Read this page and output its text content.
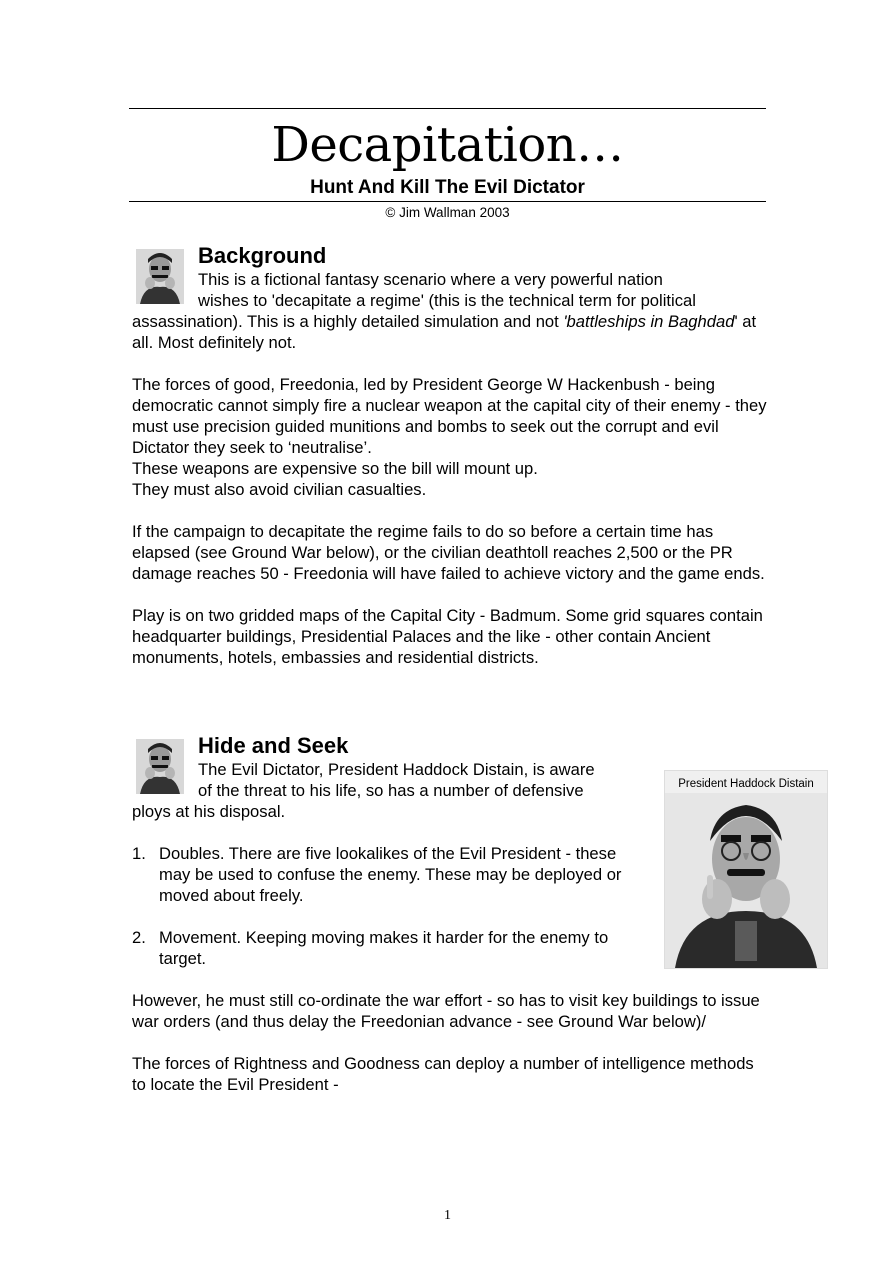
Decapitation…
Hunt And Kill The Evil Dictator
© Jim Wallman 2003
Background

This is a fictional fantasy scenario where a very powerful nation

wishes to 'decapitate a regime' (this is the technical term for political

assassination). This is a highly detailed simulation and not 'battleships in Baghdad' at all. Most definitely not.

The forces of good, Freedonia, led by President George W Hackenbush - being democratic cannot simply fire a nuclear weapon at the capital city of their enemy - they must use precision guided munitions and bombs to seek out the corrupt and evil Dictator they seek to ‘neutralise’.

These weapons are expensive so the bill will mount up.

They must also avoid civilian casualties.

If the campaign to decapitate the regime fails to do so before a certain time has elapsed (see Ground War below), or the civilian deathtoll reaches 2,500 or the PR damage reaches 50 - Freedonia will have failed to achieve victory and the game ends.

Play is on two gridded maps of the Capital City - Badmum. Some grid squares contain headquarter buildings, Presidential Palaces and the like - other contain Ancient monuments, hotels, embassies and residential districts.

Hide and Seek

The Evil Dictator, President Haddock Distain, is aware

of the threat to his life, so has a number of defensive

ploys at his disposal.

1. Doubles. There are five lookalikes of the Evil President - these may be used to confuse the enemy. These may be deployed or moved about freely.
2. Movement. Keeping moving makes it harder for the enemy to target.

However, he must still co-ordinate the war effort - so has to visit key buildings to issue war orders (and thus delay the Freedonian advance - see Ground War below)/

The forces of Rightness and Goodness can deploy a number of intelligence methods to locate the Evil President -

President Haddock Distain
1
